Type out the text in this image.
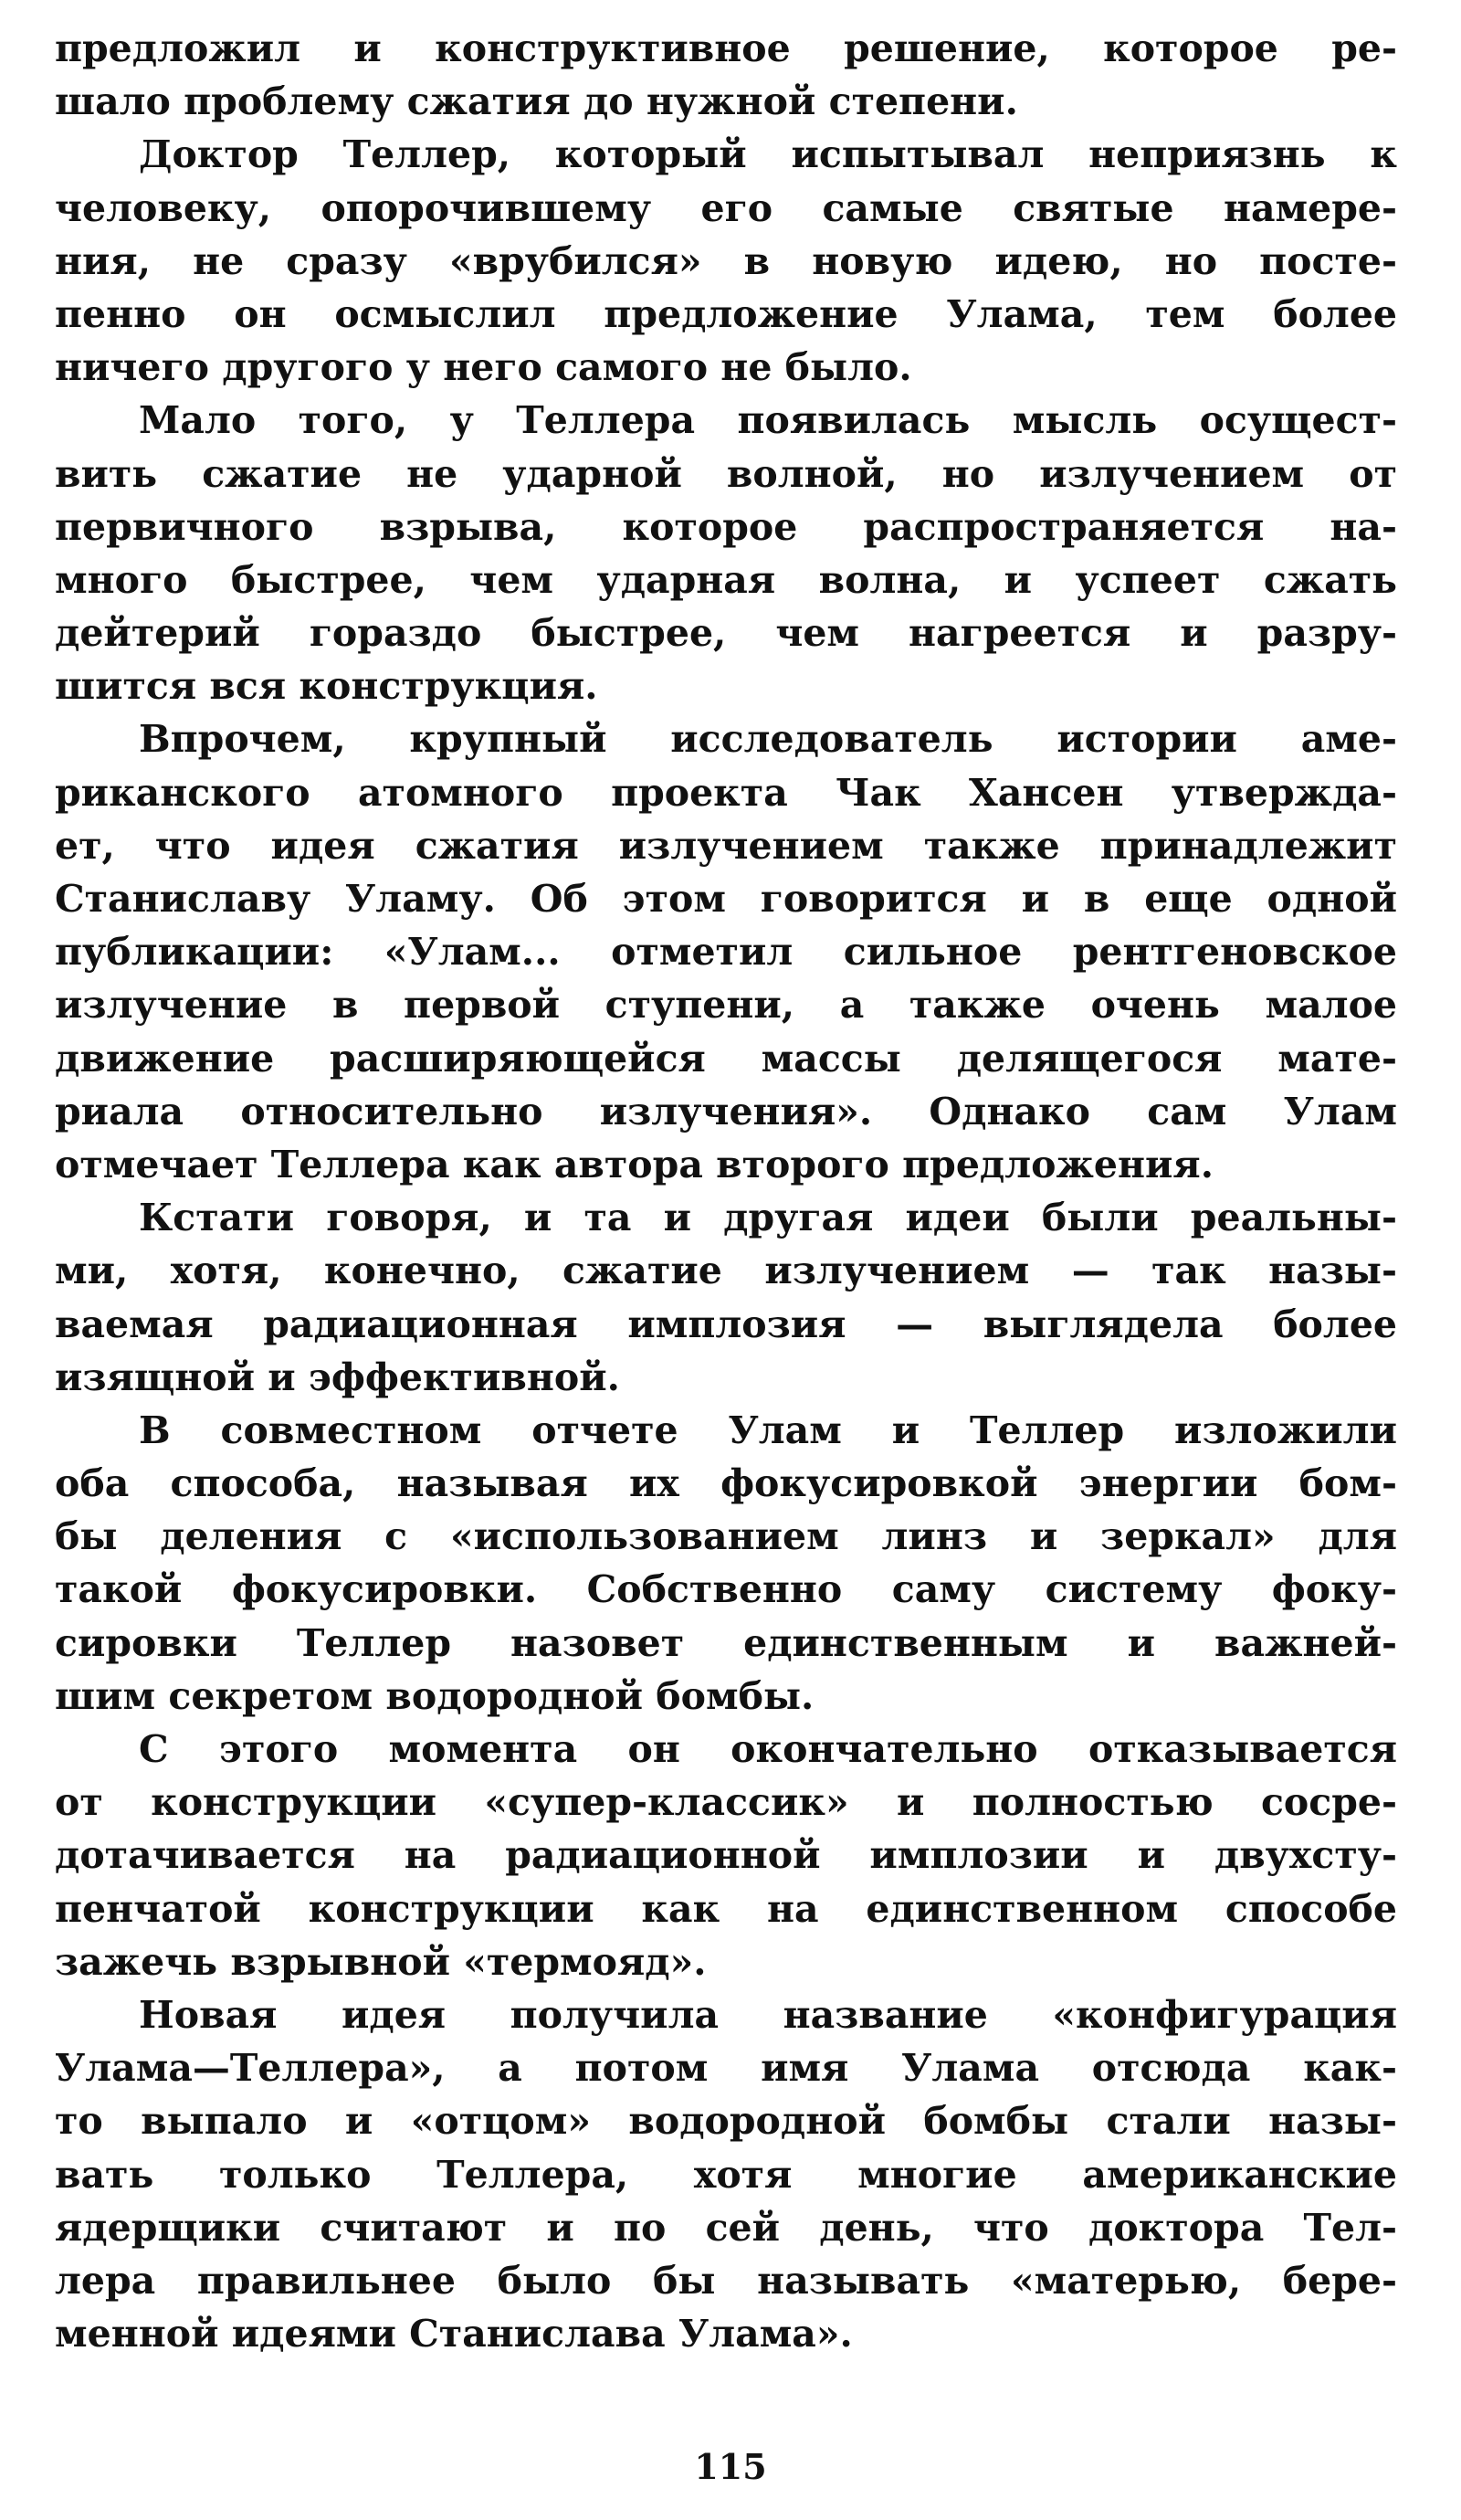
предложил и конструктивное решение, которое ре-
шало проблему сжатия до нужной степени.
Доктор Теллер, который испытывал неприязнь к
человеку, опорочившему его самые святые намере-
ния, не сразу «врубился» в новую идею, но посте-
пенно он осмыслил предложение Улама, тем более
ничего другого у него самого не было.
Мало того, у Теллера появилась мысль осущест-
вить сжатие не ударной волной, но излучением от
первичного взрыва, которое распространяется на-
много быстрее, чем ударная волна, и успеет сжать
дейтерий гораздо быстрее, чем нагреется и разру-
шится вся конструкция.
Впрочем, крупный исследователь истории аме-
риканского атомного проекта Чак Хансен утвержда-
ет, что идея сжатия излучением также принадлежит
Станиславу Уламу. Об этом говорится и в еще одной
публикации: «Улам... отметил сильное рентгеновское
излучение в первой ступени, а также очень малое
движение расширяющейся массы делящегося мате-
риала относительно излучения». Однако сам Улам
отмечает Теллера как автора второго предложения.
Кстати говоря, и та и другая идеи были реальны-
ми, хотя, конечно, сжатие излучением — так назы-
ваемая радиационная имплозия — выглядела более
изящной и эффективной.
В совместном отчете Улам и Теллер изложили
оба способа, называя их фокусировкой энергии бом-
бы деления с «использованием линз и зеркал» для
такой фокусировки. Собственно саму систему фоку-
сировки Теллер назовет единственным и важней-
шим секретом водородной бомбы.
С этого момента он окончательно отказывается
от конструкции «супер-классик» и полностью сосре-
дотачивается на радиационной имплозии и двухсту-
пенчатой конструкции как на единственном способе
зажечь взрывной «термояд».
Новая идея получила название «конфигурация
Улама—Теллера», а потом имя Улама отсюда как-
то выпало и «отцом» водородной бомбы стали назы-
вать только Теллера, хотя многие американские
ядерщики считают и по сей день, что доктора Тел-
лера правильнее было бы называть «матерью, бере-
менной идеями Станислава Улама».
115
